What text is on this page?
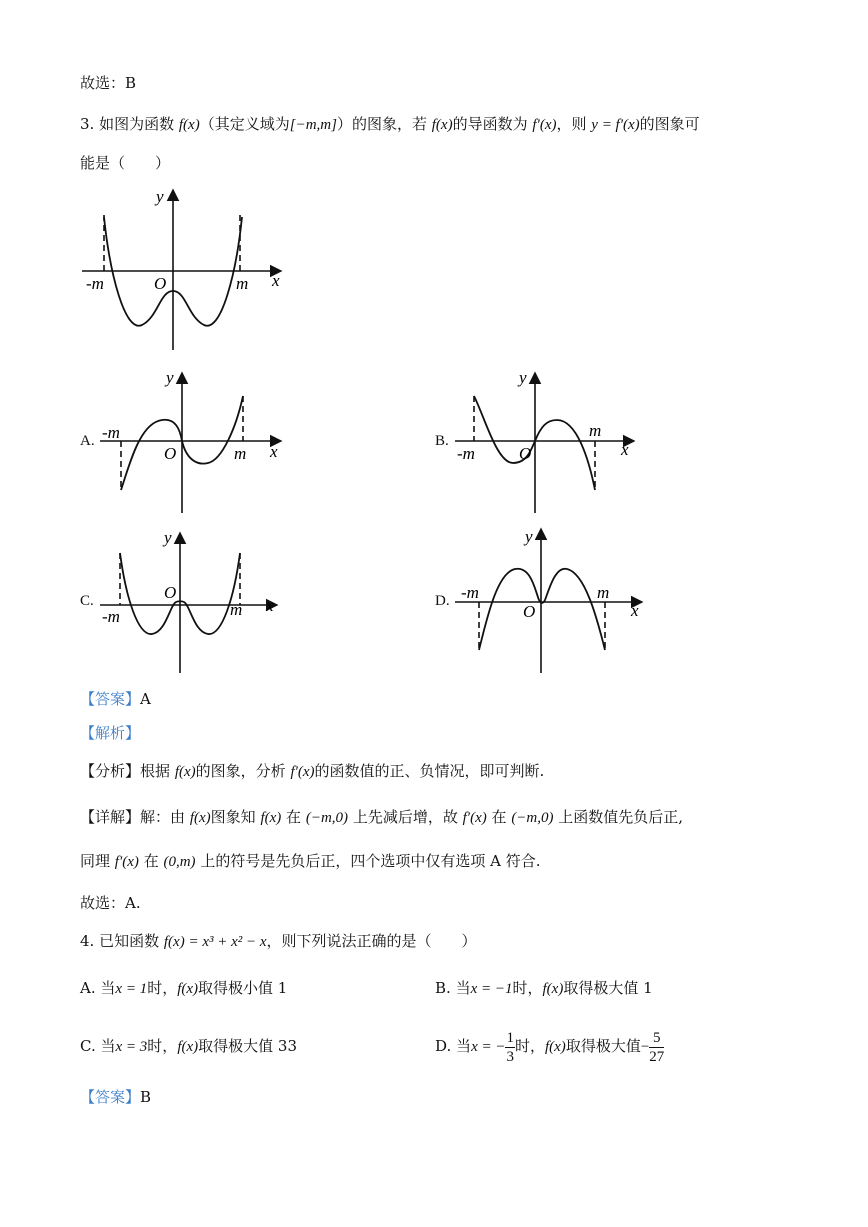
故选：B
3. 如图为函数 f(x)（其定义域为[−m,m]）的图象，若 f(x)的导函数为 f′(x)，则 y = f′(x)的图象可
能是（　　）
y
x
O
-m	m
A.
y
x
O
-m
m
B.
y
x
O
-m
m
C.
y
x
O
-m	m	D.
y
x
O
-m	m
【答案】A
【解析】
【分析】根据 f(x)的图象，分析 f′(x)的函数值的正、负情况，即可判断.
【详解】解：由 f(x)图象知 f(x) 在 (−m,0) 上先减后增，故 f′(x) 在 (−m,0) 上函数值先负后正,
同理 f′(x) 在 (0,m) 上的符号是先负后正，四个选项中仅有选项 A 符合.
故选：A.
4. 已知函数 f(x) = x³ + x² − x，则下列说法正确的是（　　）
A. 当x = 1时，f(x)取得极小值 1	B. 当x = −1时，f(x)取得极大值 1
C. 当x = 3时，f(x)取得极大值 33	D. 当x = − $\frac{1}{3}$ 时，f(x)取得极大值− $\frac{5}{27}$
【答案】B
